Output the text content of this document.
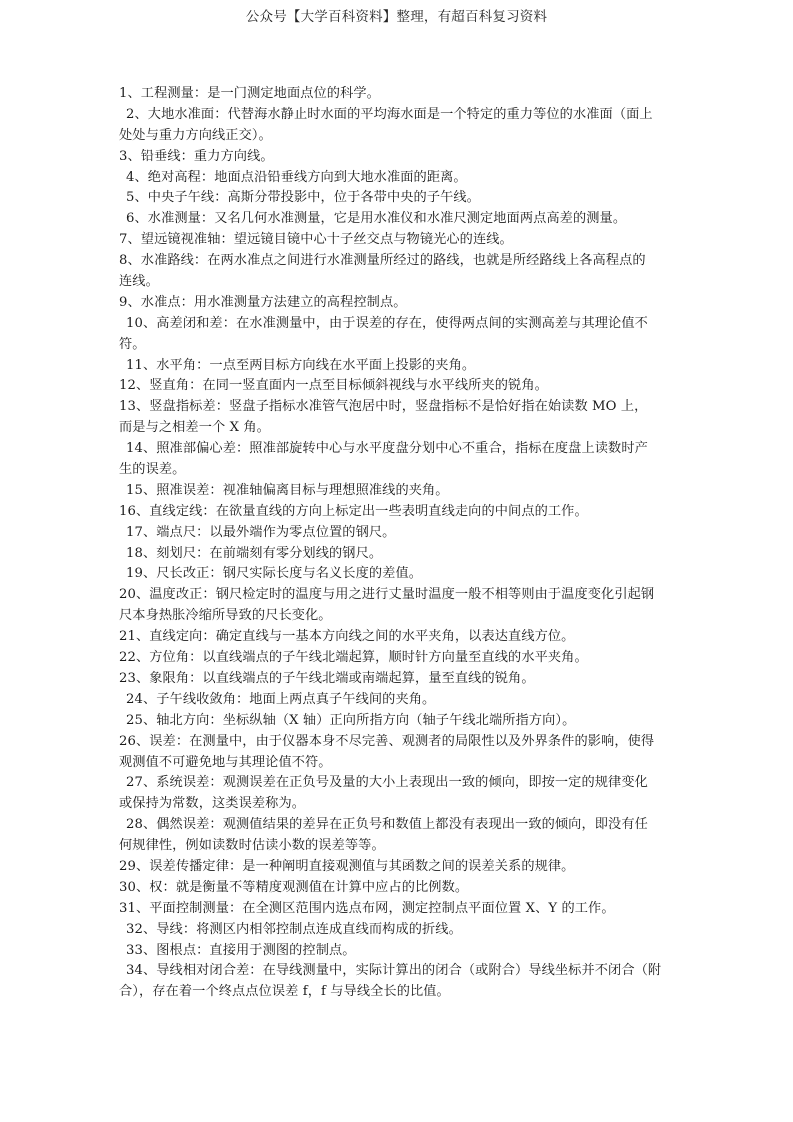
公众号【大学百科资料】整理，有超百科复习资料
1、工程测量：是一门测定地面点位的科学。
2、大地水准面：代替海水静止时水面的平均海水面是一个特定的重力等位的水准面（面上
处处与重力方向线正交）。
3、铅垂线：重力方向线。
4、绝对高程：地面点沿铅垂线方向到大地水准面的距离。
5、中央子午线：高斯分带投影中，位于各带中央的子午线。
6、水准测量：又名几何水准测量，它是用水准仪和水准尺测定地面两点高差的测量。
7、望远镜视准轴：望远镜目镜中心十子丝交点与物镜光心的连线。
8、水准路线：在两水准点之间进行水准测量所经过的路线，也就是所经路线上各高程点的
连线。
9、水准点：用水准测量方法建立的高程控制点。
10、高差闭和差：在水准测量中，由于误差的存在，使得两点间的实测高差与其理论值不
符。
11、水平角：一点至两目标方向线在水平面上投影的夹角。
12、竖直角：在同一竖直面内一点至目标倾斜视线与水平线所夹的锐角。
13、竖盘指标差：竖盘子指标水准管气泡居中时，竖盘指标不是恰好指在始读数 MO 上，
而是与之相差一个 X 角。
14、照准部偏心差：照准部旋转中心与水平度盘分划中心不重合，指标在度盘上读数时产
生的误差。
15、照准误差：视准轴偏离目标与理想照准线的夹角。
16、直线定线：在欲量直线的方向上标定出一些表明直线走向的中间点的工作。
17、端点尺：以最外端作为零点位置的钢尺。
18、刻划尺：在前端刻有零分划线的钢尺。
19、尺长改正：钢尺实际长度与名义长度的差值。
20、温度改正：钢尺检定时的温度与用之进行丈量时温度一般不相等则由于温度变化引起钢
尺本身热胀冷缩所导致的尺长变化。
21、直线定向：确定直线与一基本方向线之间的水平夹角，以表达直线方位。
22、方位角：以直线端点的子午线北端起算，顺时针方向量至直线的水平夹角。
23、象限角：以直线端点的子午线北端或南端起算，量至直线的锐角。
24、子午线收敛角：地面上两点真子午线间的夹角。
25、轴北方向：坐标纵轴（X 轴）正向所指方向（轴子午线北端所指方向）。
26、误差：在测量中，由于仪器本身不尽完善、观测者的局限性以及外界条件的影响，使得
观测值不可避免地与其理论值不符。
27、系统误差：观测误差在正负号及量的大小上表现出一致的倾向，即按一定的规律变化
或保持为常数，这类误差称为。
28、偶然误差：观测值结果的差异在正负号和数值上都没有表现出一致的倾向，即没有任
何规律性，例如读数时估读小数的误差等等。
29、误差传播定律：是一种阐明直接观测值与其函数之间的误差关系的规律。
30、权：就是衡量不等精度观测值在计算中应占的比例数。
31、平面控制测量：在全测区范围内选点布网，测定控制点平面位置 X、Y 的工作。
32、导线：将测区内相邻控制点连成直线而构成的折线。
33、图根点：直接用于测图的控制点。
34、导线相对闭合差：在导线测量中，实际计算出的闭合（或附合）导线坐标并不闭合（附
合），存在着一个终点点位误差 f，f 与导线全长的比值。
